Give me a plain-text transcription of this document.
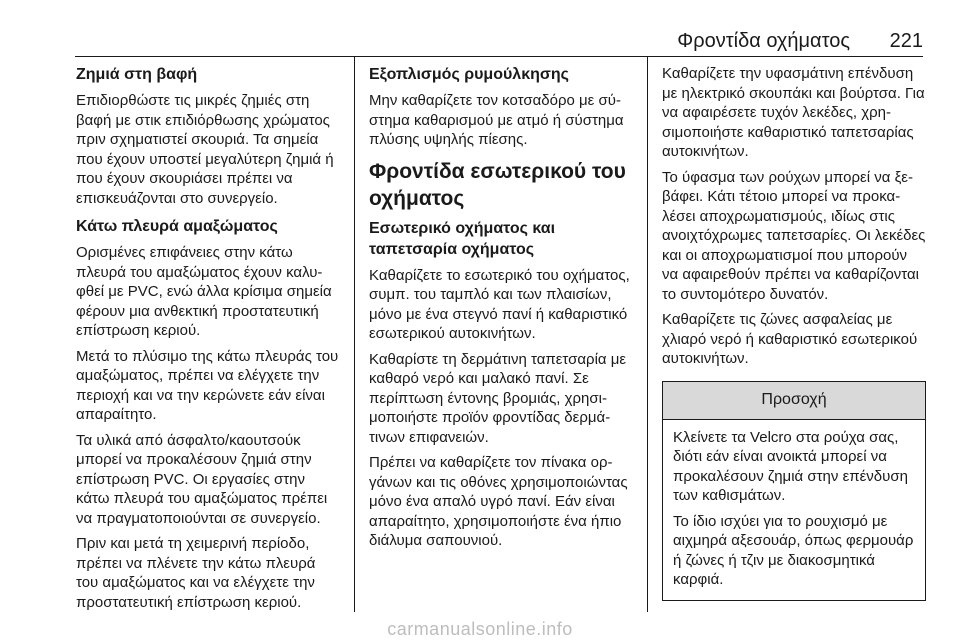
Φροντίδα οχήματος 221
Ζημιά στη βαφή

Επιδιορθώστε τις μικρές ζημιές στη βαφή με στικ επιδιόρθωσης χρώματος πριν σχηματιστεί σκουριά. Τα σημεία που έχουν υποστεί μεγαλύτερη ζημιά ή που έχουν σκουριάσει πρέπει να επισκευάζονται στο συνεργείο.

Κάτω πλευρά αμαξώματος

Ορισμένες επιφάνειες στην κάτω πλευρά του αμαξώματος έχουν καλυφθεί με PVC, ενώ άλλα κρίσιμα σημεία φέρουν μια ανθεκτική προστατευτική επίστρωση κεριού.

Μετά το πλύσιμο της κάτω πλευράς του αμαξώματος, πρέπει να ελέγχετε την περιοχή και να την κερώνετε εάν είναι απαραίτητο.

Τα υλικά από άσφαλτο/καουτσούκ μπορεί να προκαλέσουν ζημιά στην επίστρωση PVC. Οι εργασίες στην κάτω πλευρά του αμαξώματος πρέπει να πραγματοποιούνται σε συνεργείο.

Πριν και μετά τη χειμερινή περίοδο, πρέπει να πλένετε την κάτω πλευρά του αμαξώματος και να ελέγχετε την προστατευτική επίστρωση κεριού.

Εξοπλισμός ρυμούλκησης

Μην καθαρίζετε τον κοτσαδόρο με σύστημα καθαρισμού με ατμό ή σύστημα πλύσης υψηλής πίεσης.

Φροντίδα εσωτερικού του οχήματος
Εσωτερικό οχήματος και ταπετσαρία οχήματος

Καθαρίζετε το εσωτερικό του οχήματος, συμπ. του ταμπλό και των πλαισίων, μόνο με ένα στεγνό πανί ή καθαριστικό εσωτερικού αυτοκινήτων.

Καθαρίστε τη δερμάτινη ταπετσαρία με καθαρό νερό και μαλακό πανί. Σε περίπτωση έντονης βρομιάς, χρησιμοποιήστε προϊόν φροντίδας δερμάτινων επιφανειών.

Πρέπει να καθαρίζετε τον πίνακα οργάνων και τις οθόνες χρησιμοποιώντας μόνο ένα απαλό υγρό πανί. Εάν είναι απαραίτητο, χρησιμοποιήστε ένα ήπιο διάλυμα σαπουνιού.

Καθαρίζετε την υφασμάτινη επένδυση με ηλεκτρικό σκουπάκι και βούρτσα. Για να αφαιρέσετε τυχόν λεκέδες, χρησιμοποιήστε καθαριστικό ταπετσαρίας αυτοκινήτων.

Το ύφασμα των ρούχων μπορεί να ξεβάφει. Κάτι τέτοιο μπορεί να προκαλέσει αποχρωματισμούς, ιδίως στις ανοιχτόχρωμες ταπετσαρίες. Οι λεκέδες και οι αποχρωματισμοί που μπορούν να αφαιρεθούν πρέπει να καθαρίζονται το συντομότερο δυνατόν.

Καθαρίζετε τις ζώνες ασφαλείας με χλιαρό νερό ή καθαριστικό εσωτερικού αυτοκινήτων.

Προσοχή

Κλείνετε τα Velcro στα ρούχα σας, διότι εάν είναι ανοικτά μπορεί να προκαλέσουν ζημιά στην επένδυση των καθισμάτων.

Το ίδιο ισχύει για το ρουχισμό με αιχμηρά αξεσουάρ, όπως φερμουάρ ή ζώνες ή τζιν με διακοσμητικά καρφιά.

carmanualsonline.info
